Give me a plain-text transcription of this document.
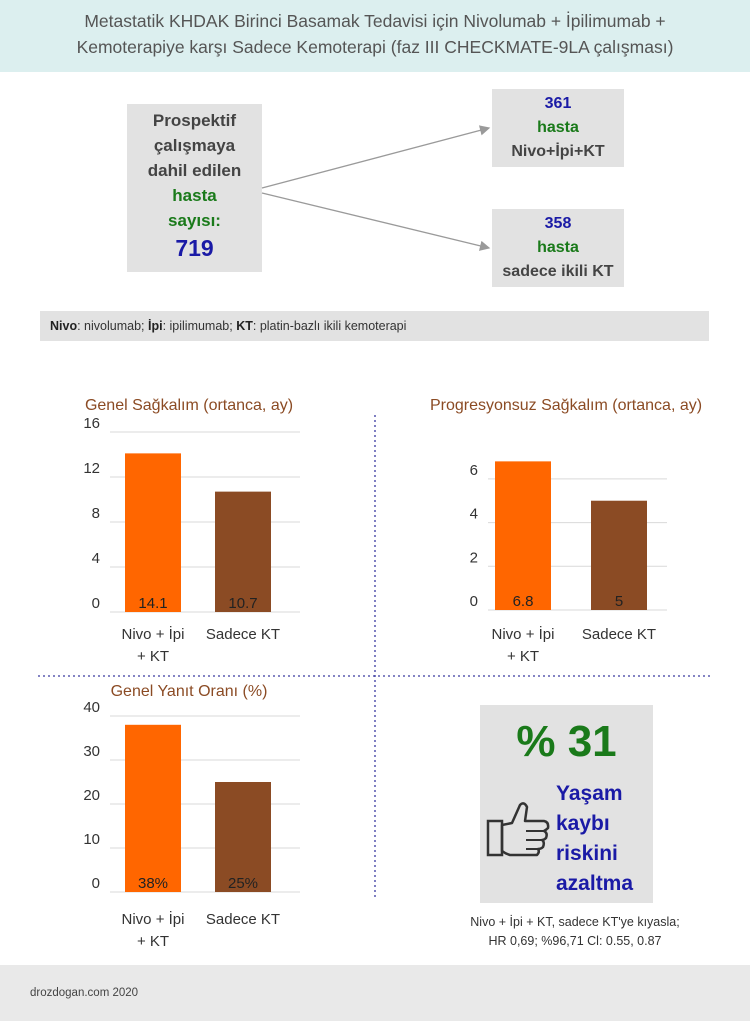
Metastatik KHDAK Birinci Basamak Tedavisi için Nivolumab + İpilimumab +
Kemoterapiye karşı Sadece Kemoterapi (faz III CHECKMATE-9LA çalışması)
Prospektif
çalışmaya
dahil edilen
hasta
sayısı:
719
361
hasta
Nivo+İpi+KT
358
hasta
sadece ikili KT
Nivo: nivolumab; İpi: ipilimumab; KT: platin-bazlı ikili kemoterapi
Genel Sağkalım (ortanca, ay)
0
4
8
12
16
14.1
Nivo + İpi
+ KT
10.7
Sadece KT
Progresyonsuz Sağkalım (ortanca, ay)
0
2
4
6
6.8
Nivo + İpi
+ KT
5
Sadece KT
Genel Yanıt Oranı (%)
0
10
20
30
40
38%
Nivo + İpi
+ KT
25%
Sadece KT
% 31
Yaşam
kaybı
riskini
azaltma
Nivo + İpi + KT, sadece KT'ye kıyasla;
HR 0,69; %96,71 Cl: 0.55, 0.87
drozdogan.com 2020
